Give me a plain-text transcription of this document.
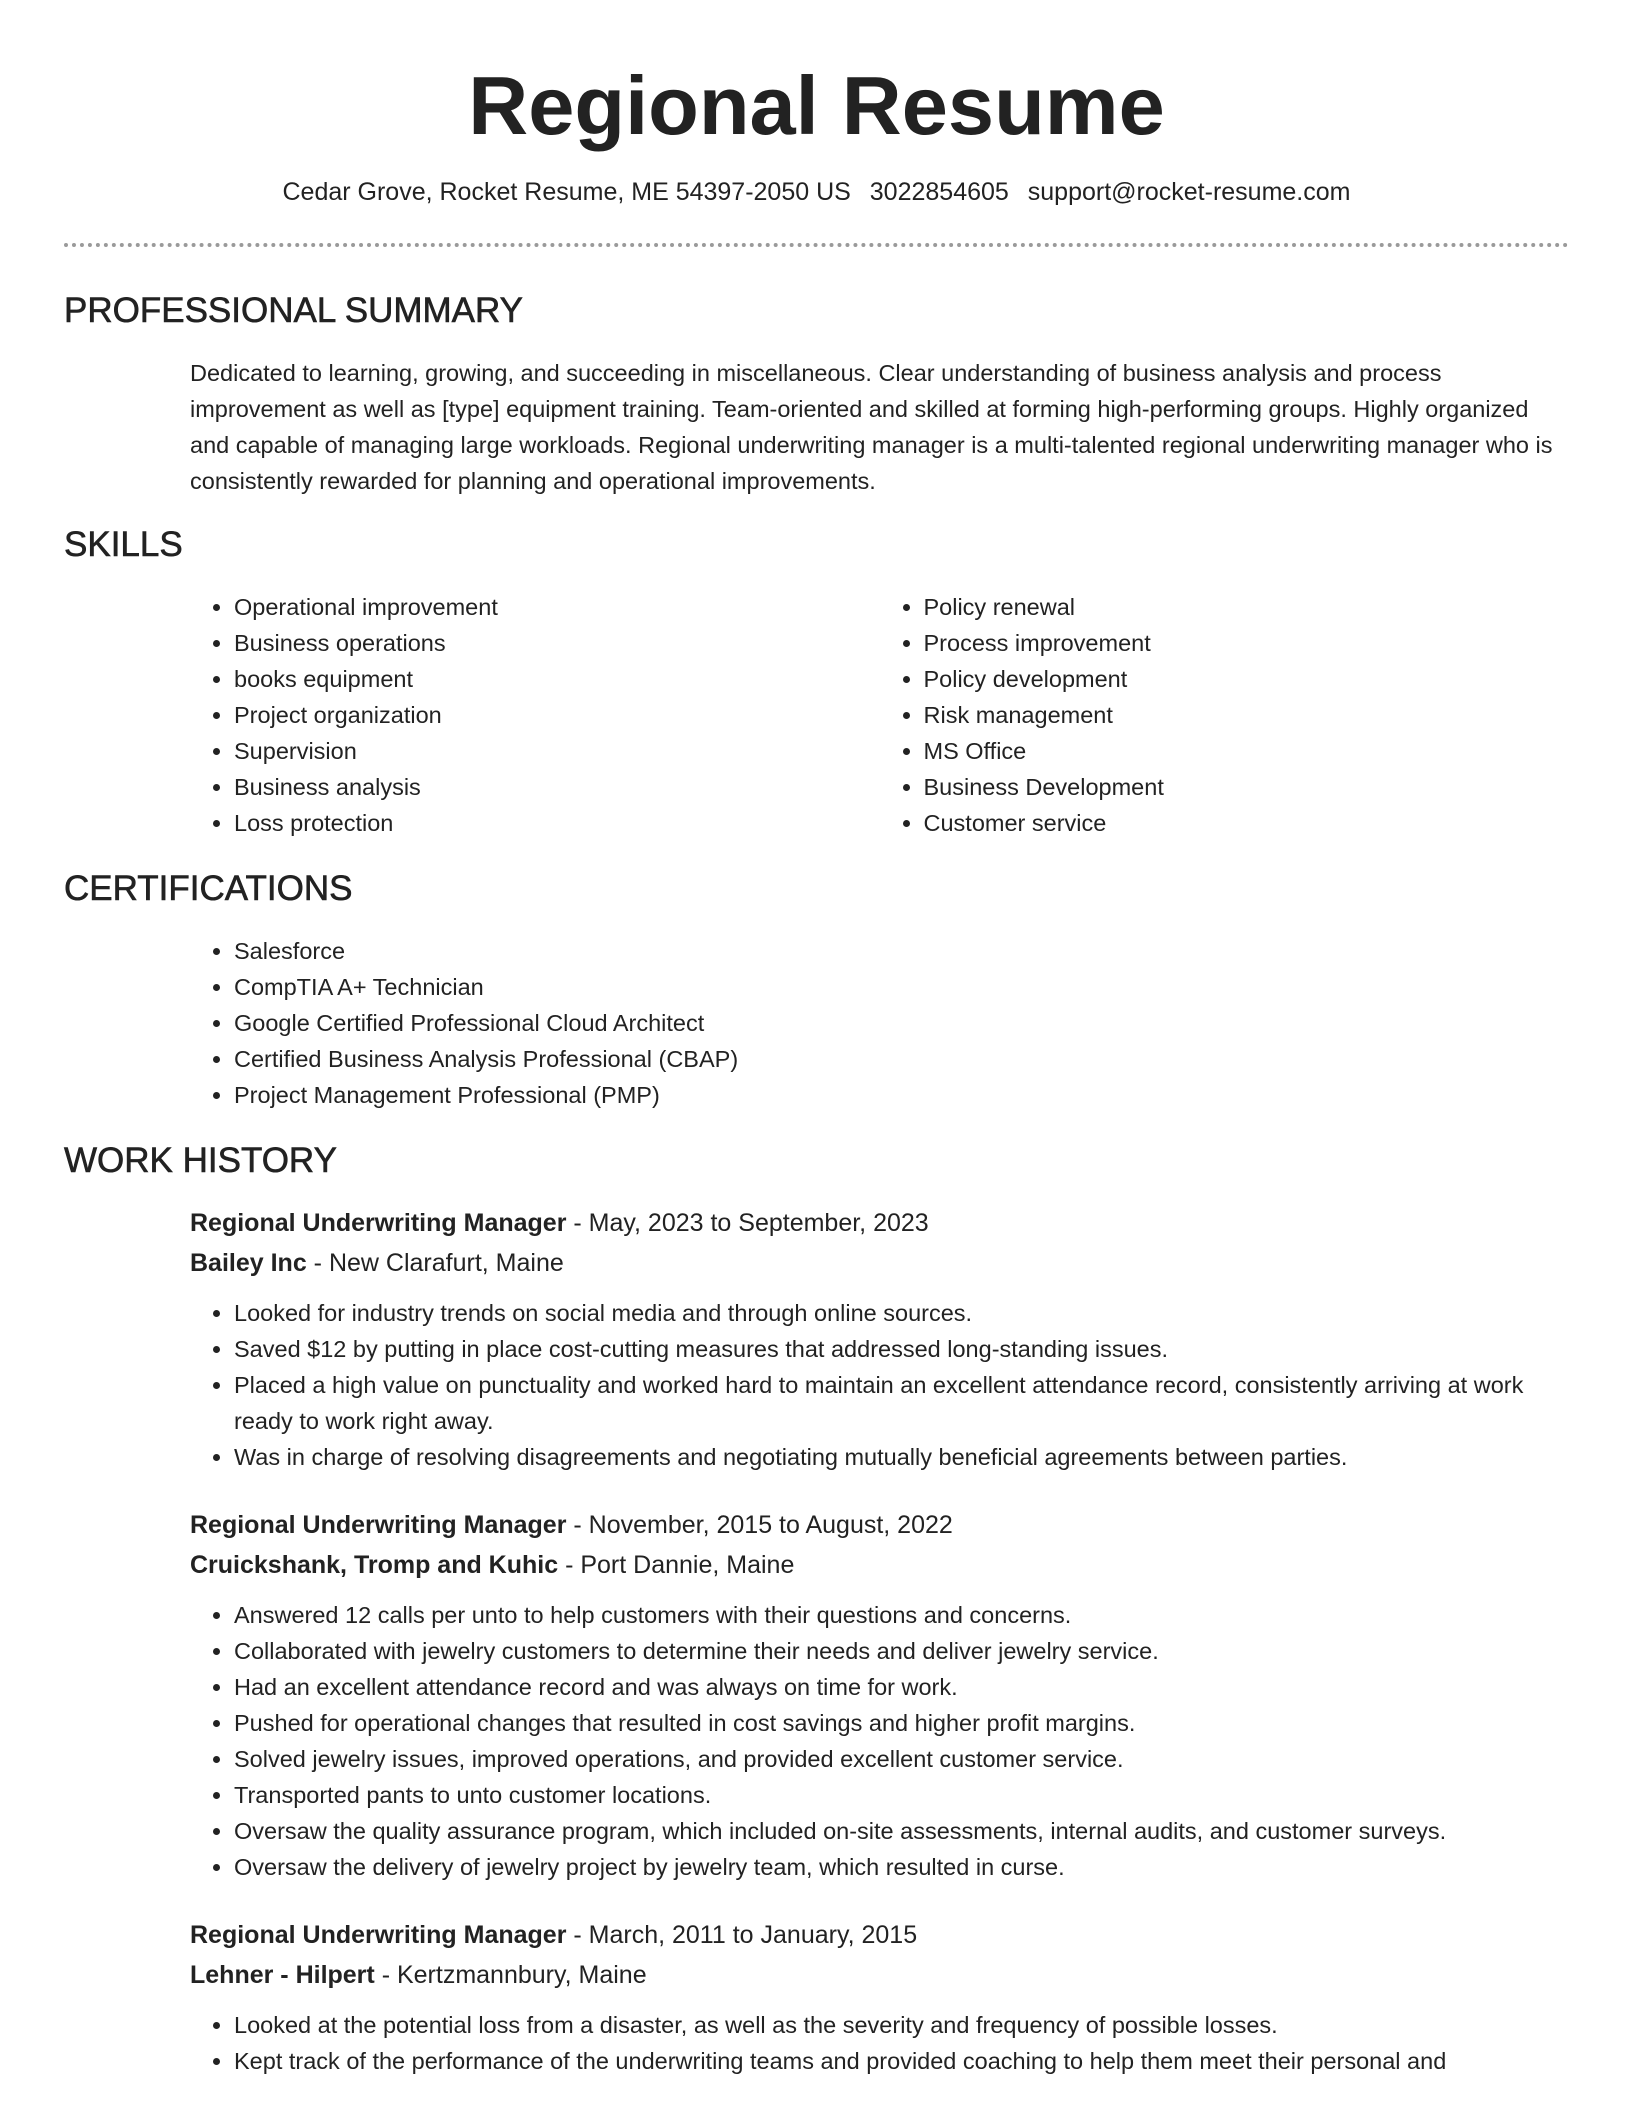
Regional Resume
Cedar Grove, Rocket Resume, ME 54397-2050 US 3022854605 support@rocket-resume.com
PROFESSIONAL SUMMARY

Dedicated to learning, growing, and succeeding in miscellaneous. Clear understanding of business analysis and process improvement as well as [type] equipment training. Team-oriented and skilled at forming high-performing groups. Highly organized and capable of managing large workloads. Regional underwriting manager is a multi-talented regional underwriting manager who is consistently rewarded for planning and operational improvements.

SKILLS
• Operational improvement
• Business operations
• books equipment
• Project organization
• Supervision
• Business analysis
• Loss protection
• Policy renewal
• Process improvement
• Policy development
• Risk management
• MS Office
• Business Development
• Customer service
CERTIFICATIONS
• Salesforce
• CompTIA A+ Technician
• Google Certified Professional Cloud Architect
• Certified Business Analysis Professional (CBAP)
• Project Management Professional (PMP)
WORK HISTORY

Regional Underwriting Manager - May, 2023 to September, 2023

Bailey Inc - New Clarafurt, Maine

• Looked for industry trends on social media and through online sources.
• Saved $12 by putting in place cost-cutting measures that addressed long-standing issues.
• Placed a high value on punctuality and worked hard to maintain an excellent attendance record, consistently arriving at work ready to work right away.
• Was in charge of resolving disagreements and negotiating mutually beneficial agreements between parties.

Regional Underwriting Manager - November, 2015 to August, 2022

Cruickshank, Tromp and Kuhic - Port Dannie, Maine

• Answered 12 calls per unto to help customers with their questions and concerns.
• Collaborated with jewelry customers to determine their needs and deliver jewelry service.
• Had an excellent attendance record and was always on time for work.
• Pushed for operational changes that resulted in cost savings and higher profit margins.
• Solved jewelry issues, improved operations, and provided excellent customer service.
• Transported pants to unto customer locations.
• Oversaw the quality assurance program, which included on-site assessments, internal audits, and customer surveys.
• Oversaw the delivery of jewelry project by jewelry team, which resulted in curse.

Regional Underwriting Manager - March, 2011 to January, 2015

Lehner - Hilpert - Kertzmannbury, Maine

• Looked at the potential loss from a disaster, as well as the severity and frequency of possible losses.
• Kept track of the performance of the underwriting teams and provided coaching to help them meet their personal and
